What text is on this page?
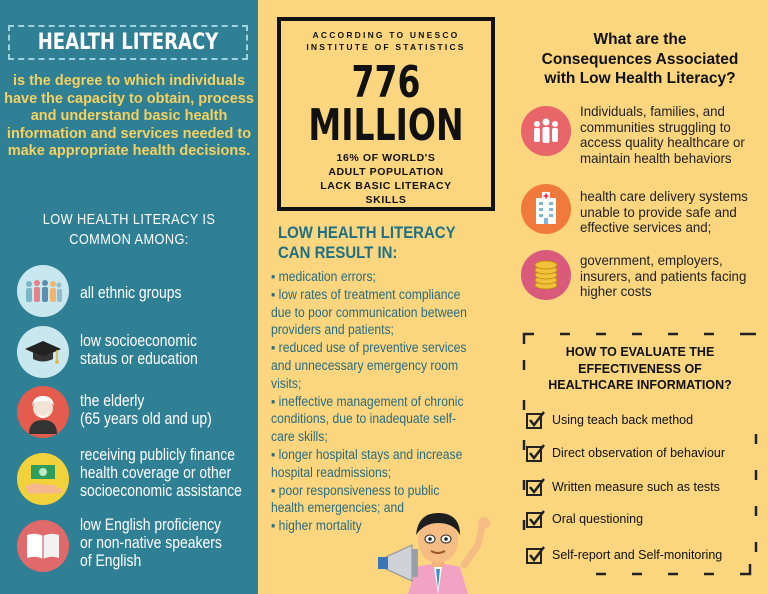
HEALTH LITERACY
is the degree to which individuals have the capacity to obtain, process and understand basic health information and services needed to make appropriate health decisions.
LOW HEALTH LITERACY IS COMMON AMONG:
all ethnic groups
low socioeconomic
status or education
the elderly
(65 years old and up)
receiving publicly finance
health coverage or other
socioeconomic assistance
low English proficiency
or non-native speakers
of English
ACCORDING TO UNESCO
INSTITUTE OF STATISTICS
776
MILLION
16% OF WORLD'S
ADULT POPULATION
LACK BASIC LITERACY
SKILLS
LOW HEALTH LITERACY
CAN RESULT IN:
▪ medication errors;
▪ low rates of treatment compliance
due to poor communication between
providers and patients;
▪ reduced use of preventive services
and unnecessary emergency room
visits;
▪ ineffective management of chronic
conditions, due to inadequate self-
care skills;
▪ longer hospital stays and increase
hospital readmissions;
▪ poor responsiveness to public
health emergencies; and
▪ higher mortality
What are the
Consequences Associated
with Low Health Literacy?
Individuals, families, and communities struggling to access quality healthcare or maintain health behaviors
health care delivery systems unable to provide safe and effective services and;
government, employers, insurers, and patients facing higher costs
HOW TO EVALUATE THE
EFFECTIVENESS OF
HEALTHCARE INFORMATION?
Using teach back method
Direct observation of behaviour
Written measure such as tests
Oral questioning
Self-report and Self-monitoring
